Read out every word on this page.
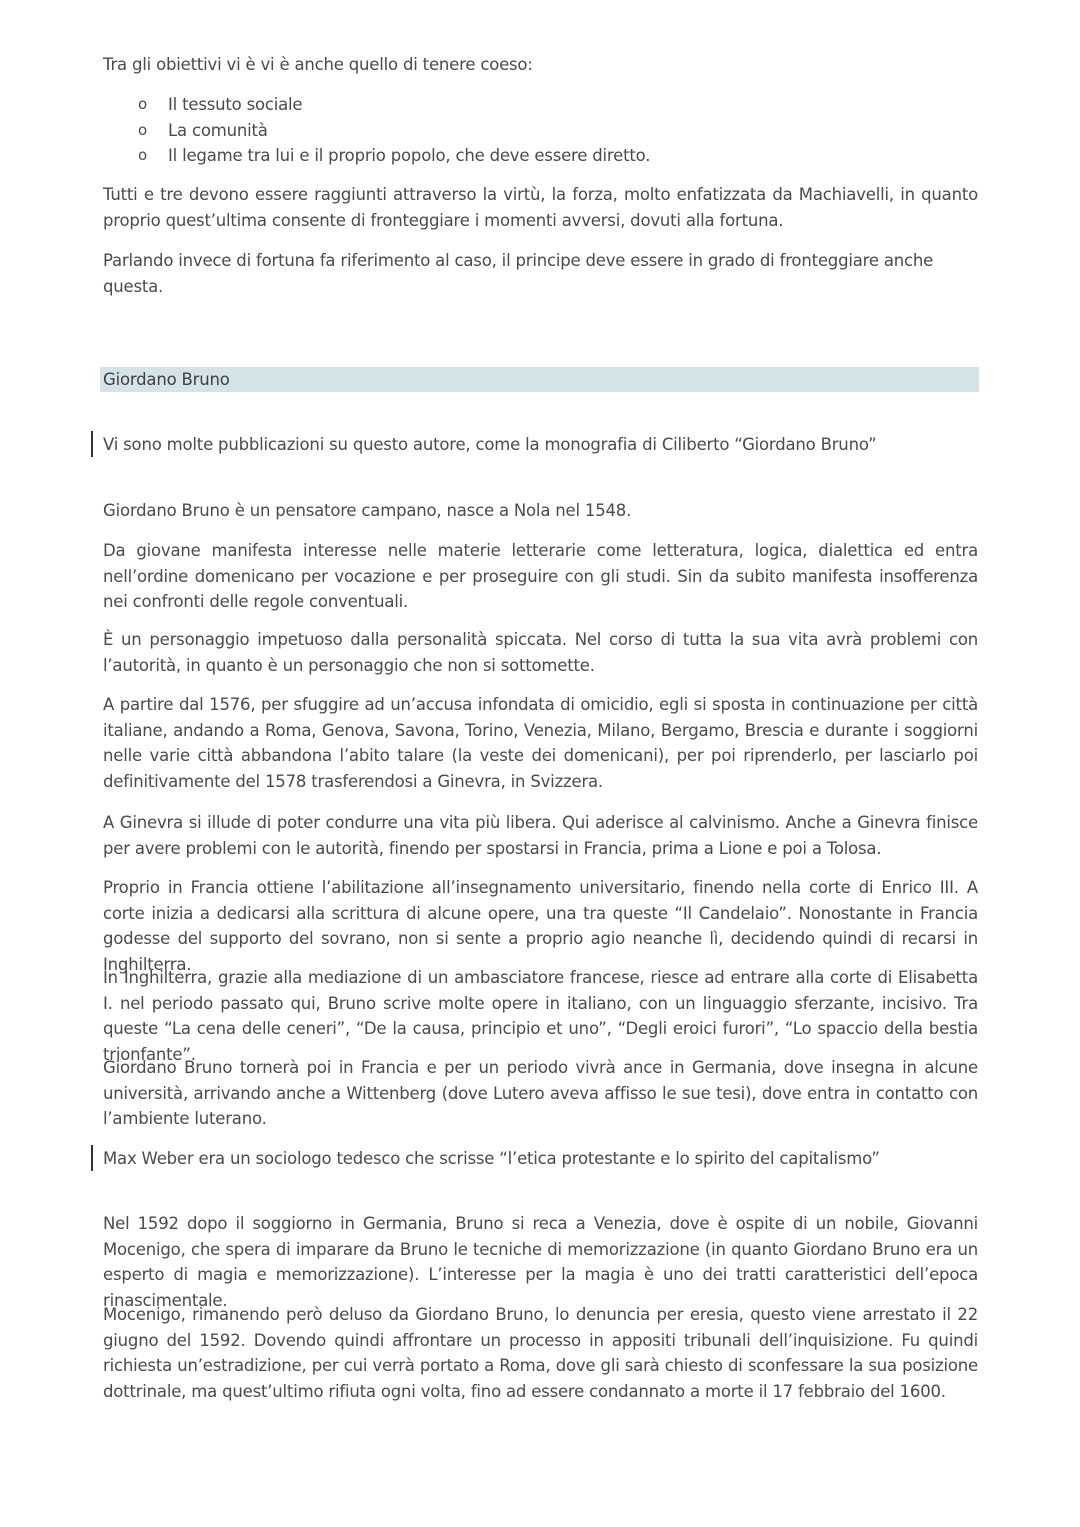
Tra gli obiettivi vi è vi è anche quello di tenere coeso:

o Il tessuto sociale
o La comunità
o Il legame tra lui e il proprio popolo, che deve essere diretto.

Tutti e tre devono essere raggiunti attraverso la virtù, la forza, molto enfatizzata da Machiavelli, in quanto proprio quest’ultima consente di fronteggiare i momenti avversi, dovuti alla fortuna.

Parlando invece di fortuna fa riferimento al caso, il principe deve essere in grado di fronteggiare anche questa.

Giordano Bruno

Vi sono molte pubblicazioni su questo autore, come la monografia di Ciliberto “Giordano Bruno”

Giordano Bruno è un pensatore campano, nasce a Nola nel 1548.

Da giovane manifesta interesse nelle materie letterarie come letteratura, logica, dialettica ed entra nell’ordine domenicano per vocazione e per proseguire con gli studi. Sin da subito manifesta insofferenza nei confronti delle regole conventuali.

È un personaggio impetuoso dalla personalità spiccata. Nel corso di tutta la sua vita avrà problemi con l’autorità, in quanto è un personaggio che non si sottomette.

A partire dal 1576, per sfuggire ad un’accusa infondata di omicidio, egli si sposta in continuazione per città italiane, andando a Roma, Genova, Savona, Torino, Venezia, Milano, Bergamo, Brescia e durante i soggiorni nelle varie città abbandona l’abito talare (la veste dei domenicani), per poi riprenderlo, per lasciarlo poi definitivamente del 1578 trasferendosi a Ginevra, in Svizzera.

A Ginevra si illude di poter condurre una vita più libera. Qui aderisce al calvinismo. Anche a Ginevra finisce per avere problemi con le autorità, finendo per spostarsi in Francia, prima a Lione e poi a Tolosa.

Proprio in Francia ottiene l’abilitazione all’insegnamento universitario, finendo nella corte di Enrico III. A corte inizia a dedicarsi alla scrittura di alcune opere, una tra queste “Il Candelaio”. Nonostante in Francia godesse del supporto del sovrano, non si sente a proprio agio neanche lì, decidendo quindi di recarsi in Inghilterra.

In Inghilterra, grazie alla mediazione di un ambasciatore francese, riesce ad entrare alla corte di Elisabetta I. nel periodo passato qui, Bruno scrive molte opere in italiano, con un linguaggio sferzante, incisivo. Tra queste “La cena delle ceneri”, “De la causa, principio et uno”, “Degli eroici furori”, “Lo spaccio della bestia trionfante”.

Giordano Bruno tornerà poi in Francia e per un periodo vivrà ance in Germania, dove insegna in alcune università, arrivando anche a Wittenberg (dove Lutero aveva affisso le sue tesi), dove entra in contatto con l’ambiente luterano.

Max Weber era un sociologo tedesco che scrisse “l’etica protestante e lo spirito del capitalismo”

Nel 1592 dopo il soggiorno in Germania, Bruno si reca a Venezia, dove è ospite di un nobile, Giovanni Mocenigo, che spera di imparare da Bruno le tecniche di memorizzazione (in quanto Giordano Bruno era un esperto di magia e memorizzazione). L’interesse per la magia è uno dei tratti caratteristici dell’epoca rinascimentale.

Mocenigo, rimanendo però deluso da Giordano Bruno, lo denuncia per eresia, questo viene arrestato il 22 giugno del 1592. Dovendo quindi affrontare un processo in appositi tribunali dell’inquisizione. Fu quindi richiesta un’estradizione, per cui verrà portato a Roma, dove gli sarà chiesto di sconfessare la sua posizione dottrinale, ma quest’ultimo rifiuta ogni volta, fino ad essere condannato a morte il 17 febbraio del 1600.
